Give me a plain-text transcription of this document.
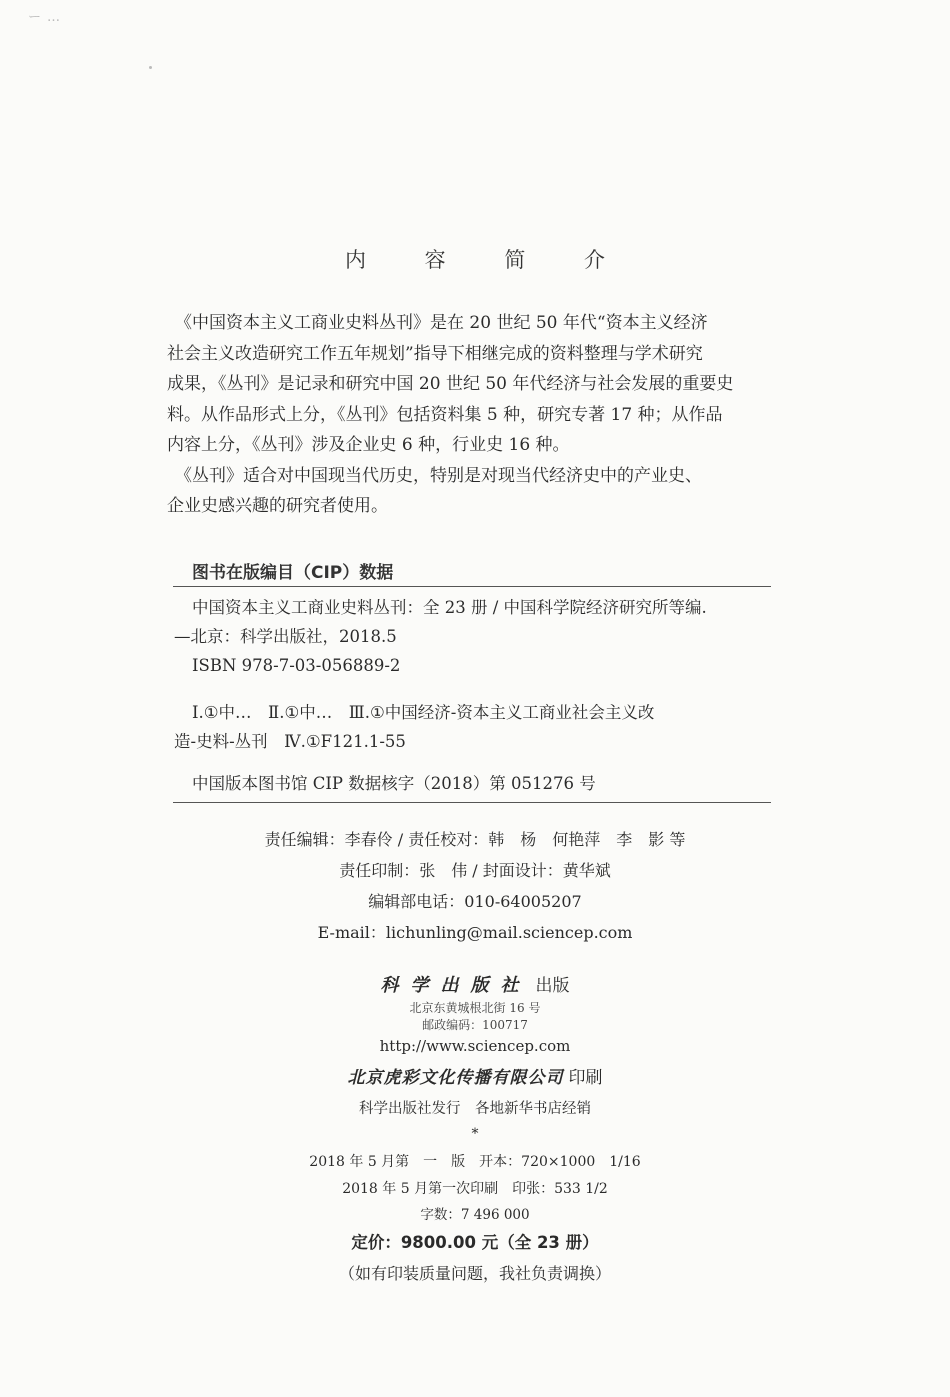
ー…
内 容 简 介

《中国资本主义工商业史料丛刊》是在 20 世纪 50 年代“资本主义经济

社会主义改造研究工作五年规划”指导下相继完成的资料整理与学术研究

成果，《丛刊》是记录和研究中国 20 世纪 50 年代经济与社会发展的重要史

料。从作品形式上分，《丛刊》包括资料集 5 种，研究专著 17 种；从作品

内容上分，《丛刊》涉及企业史 6 种，行业史 16 种。

《丛刊》适合对中国现当代历史，特别是对现当代经济史中的产业史、

企业史感兴趣的研究者使用。

图书在版编目（CIP）数据
中国资本主义工商业史料丛刊：全 23 册 / 中国科学院经济研究所等编.
—北京：科学出版社，2018.5
ISBN 978-7-03-056889-2
Ⅰ.①中…　Ⅱ.①中…　Ⅲ.①中国经济-资本主义工商业社会主义改
造-史料-丛刊　Ⅳ.①F121.1-55
中国版本图书馆 CIP 数据核字（2018）第 051276 号
责任编辑：李春伶 / 责任校对：韩　杨　何艳萍　李　影 等
责任印制：张　伟 / 封面设计：黄华斌
编辑部电话：010-64005207
E-mail：lichunling@mail.sciencep.com
科学出版社 出版
北京东黄城根北街 16 号
邮政编码：100717
http://www.sciencep.com
北京虎彩文化传播有限公司 印刷
科学出版社发行　各地新华书店经销
*
2018 年 5 月第　一　版　开本：720×1000　1/16
2018 年 5 月第一次印刷　印张：533 1/2
字数：7 496 000
定价：9800.00 元（全 23 册）
（如有印装质量问题，我社负责调换）
